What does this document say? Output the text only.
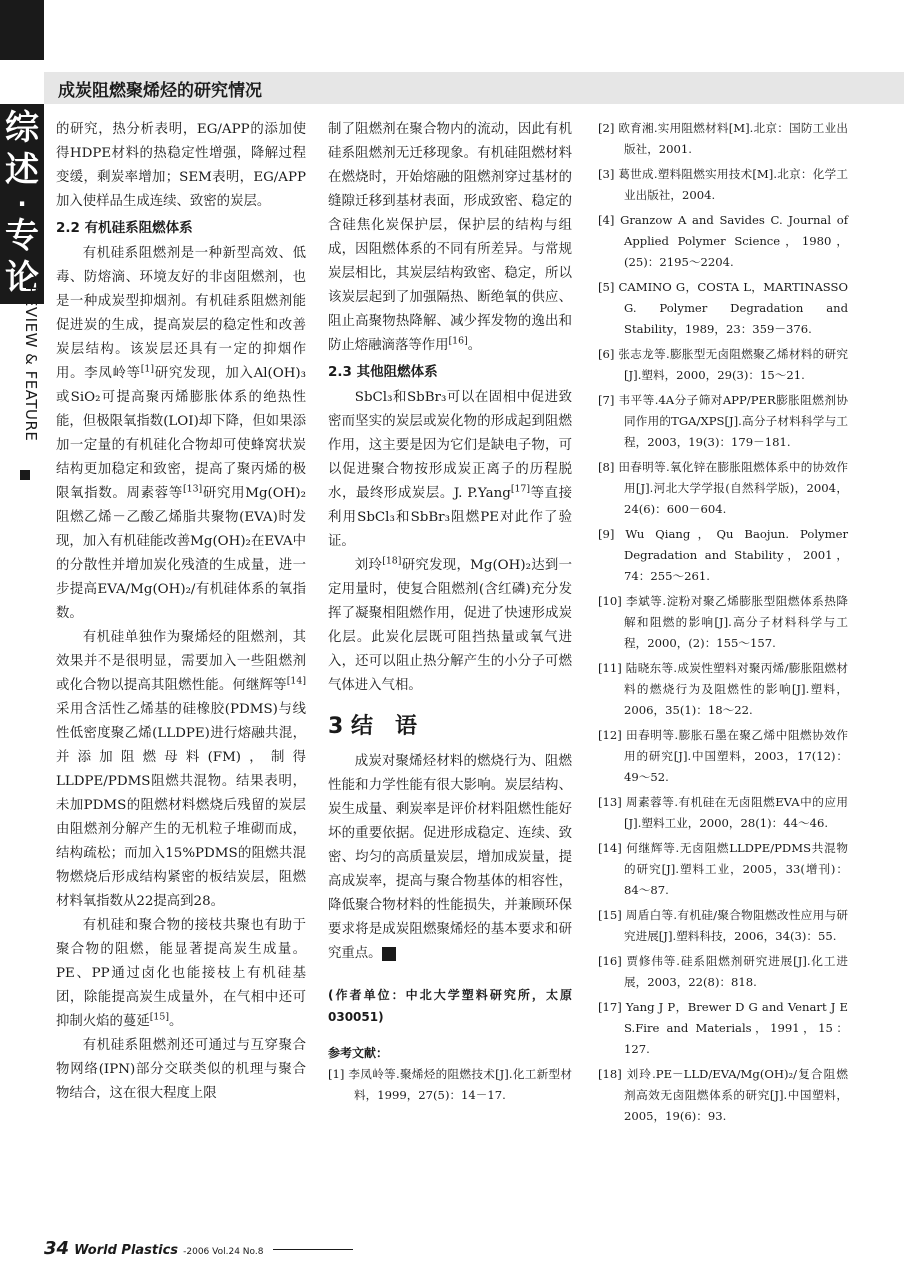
综
述
·
专
论
REVIEW & FEATURE
成炭阻燃聚烯烃的研究情况

的研究，热分析表明，EG/APP的添加使得HDPE材料的热稳定性增强，降解过程变缓，剩炭率增加；SEM表明，EG/APP加入使样品生成连续、致密的炭层。

2.2 有机硅系阻燃体系

有机硅系阻燃剂是一种新型高效、低毒、防熔滴、环境友好的非卤阻燃剂，也是一种成炭型抑烟剂。有机硅系阻燃剂能促进炭的生成，提高炭层的稳定性和改善炭层结构。该炭层还具有一定的抑烟作用。李凤岭等[1]研究发现，加入Al(OH)₃或SiO₂可提高聚丙烯膨胀体系的绝热性能，但极限氧指数(LOI)却下降，但如果添加一定量的有机硅化合物却可使蜂窝状炭结构更加稳定和致密，提高了聚丙烯的极限氧指数。周素蓉等[13]研究用Mg(OH)₂阻燃乙烯－乙酸乙烯脂共聚物(EVA)时发现，加入有机硅能改善Mg(OH)₂在EVA中的分散性并增加炭化残渣的生成量，进一步提高EVA/Mg(OH)₂/有机硅体系的氧指数。

有机硅单独作为聚烯烃的阻燃剂，其效果并不是很明显，需要加入一些阻燃剂或化合物以提高其阻燃性能。何继辉等[14]采用含活性乙烯基的硅橡胶(PDMS)与线性低密度聚乙烯(LLDPE)进行熔融共混，并添加阻燃母料(FM)，制得LLDPE/PDMS阻燃共混物。结果表明，未加PDMS的阻燃材料燃烧后残留的炭层由阻燃剂分解产生的无机粒子堆砌而成，结构疏松；而加入15%PDMS的阻燃共混物燃烧后形成结构紧密的板结炭层，阻燃材料氧指数从22提高到28。

有机硅和聚合物的接枝共聚也有助于聚合物的阻燃，能显著提高炭生成量。PE、PP通过卤化也能接枝上有机硅基团，除能提高炭生成量外，在气相中还可抑制火焰的蔓延[15]。

有机硅系阻燃剂还可通过与互穿聚合物网络(IPN)部分交联类似的机理与聚合物结合，这在很大程度上限

制了阻燃剂在聚合物内的流动，因此有机硅系阻燃剂无迁移现象。有机硅阻燃材料在燃烧时，开始熔融的阻燃剂穿过基材的缝隙迁移到基材表面，形成致密、稳定的含硅焦化炭保护层，保护层的结构与组成，因阻燃体系的不同有所差异。与常规炭层相比，其炭层结构致密、稳定，所以该炭层起到了加强隔热、断绝氧的供应、阻止高聚物热降解、减少挥发物的逸出和防止熔融滴落等作用[16]。

2.3 其他阻燃体系

SbCl₃和SbBr₃可以在固相中促进致密而坚实的炭层或炭化物的形成起到阻燃作用，这主要是因为它们是缺电子物，可以促进聚合物按形成炭正离子的历程脱水，最终形成炭层。J. P.Yang[17]等直接利用SbCl₃和SbBr₃阻燃PE对此作了验证。

刘玲[18]研究发现，Mg(OH)₂达到一定用量时，使复合阻燃剂(含红磷)充分发挥了凝聚相阻燃作用，促进了快速形成炭化层。此炭化层既可阻挡热量或氧气进入，还可以阻止热分解产生的小分子可燃气体进入气相。

3 结　语

成炭对聚烯烃材料的燃烧行为、阻燃性能和力学性能有很大影响。炭层结构、炭生成量、剩炭率是评价材料阻燃性能好坏的重要依据。促进形成稳定、连续、致密、均匀的高质量炭层，增加成炭量，提高成炭率，提高与聚合物基体的相容性，降低聚合物材料的性能损失，并兼顾环保要求将是成炭阻燃聚烯烃的基本要求和研究重点。	田

(作者单位：中北大学塑料研究所，太原 030051)
参考文献：
[1] 李凤岭等.聚烯烃的阻燃技术[J].化工新型材料，1999，27(5)：14－17.
[2] 欧育湘.实用阻燃材料[M].北京：国防工业出版社，2001.
[3] 葛世成.塑料阻燃实用技术[M].北京：化学工业出版社，2004.
[4] Granzow A and Savides C. Journal of Applied Polymer Science，1980，(25)：2195～2204.
[5] CAMINO G，COSTA L，MARTINASSO G. Polymer Degradation and Stability，1989，23：359－376.
[6] 张志龙等.膨胀型无卤阻燃聚乙烯材料的研究[J].塑料，2000，29(3)：15～21.
[7] 韦平等.4A分子筛对APP/PER膨胀阻燃剂协同作用的TGA/XPS[J].高分子材料科学与工程，2003，19(3)：179－181.
[8] 田春明等.氧化锌在膨胀阻燃体系中的协效作用[J].河北大学学报(自然科学版)，2004，24(6)：600－604.
[9] Wu Qiang，Qu Baojun. Polymer Degradation and Stability，2001，74：255～261.
[10] 李斌等.淀粉对聚乙烯膨胀型阻燃体系热降解和阻燃的影响[J].高分子材料科学与工程，2000，(2)：155～157.
[11] 陆晓东等.成炭性塑料对聚丙烯/膨胀阻燃材料的燃烧行为及阻燃性的影响[J].塑料，2006，35(1)：18～22.
[12] 田春明等.膨胀石墨在聚乙烯中阻燃协效作用的研究[J].中国塑料，2003，17(12)：49～52.
[13] 周素蓉等.有机硅在无卤阻燃EVA中的应用[J].塑料工业，2000，28(1)：44～46.
[14] 何继辉等.无卤阻燃LLDPE/PDMS共混物的研究[J].塑料工业，2005，33(增刊)：84～87.
[15] 周盾白等.有机硅/聚合物阻燃改性应用与研究进展[J].塑料科技，2006，34(3)：55.
[16] 贾修伟等.硅系阻燃剂研究进展[J].化工进展，2003，22(8)：818.
[17] Yang J P，Brewer D G and Venart J E S.Fire and Materials，1991，15：127.
[18] 刘玲.PE－LLD/EVA/Mg(OH)₂/复合阻燃剂高效无卤阻燃体系的研究[J].中国塑料，2005，19(6)：93.
34 World Plastics -2006 Vol.24 No.8
